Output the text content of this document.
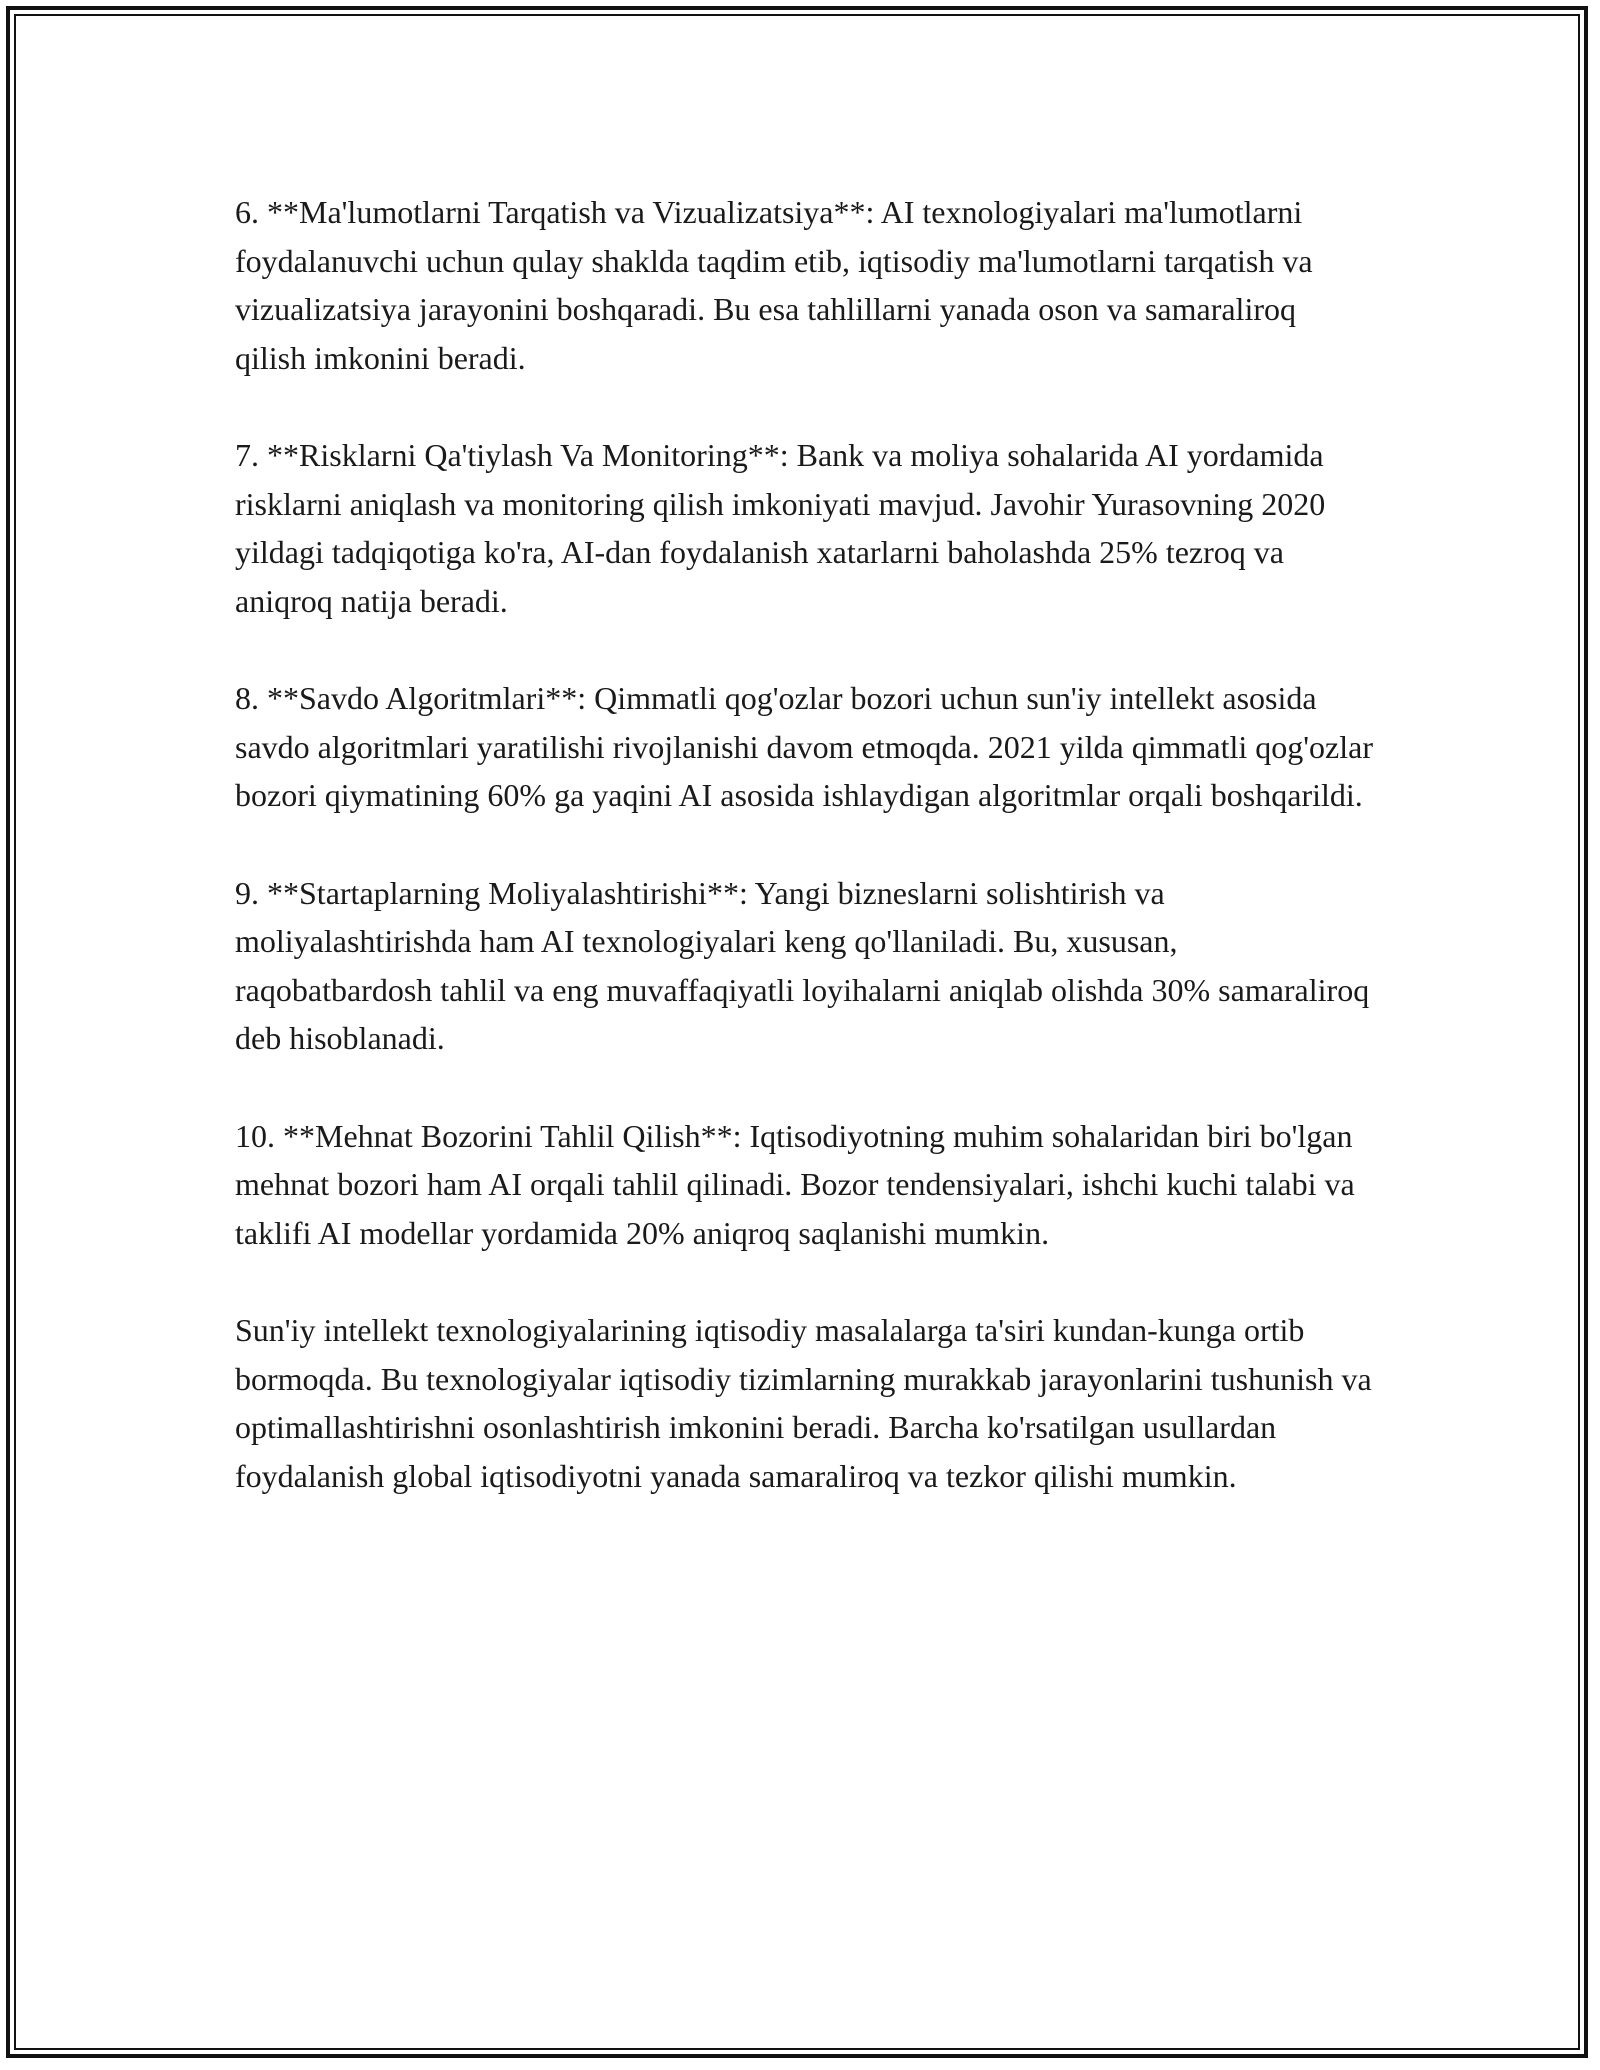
6. **Ma'lumotlarni Tarqatish va Vizualizatsiya**: AI texnologiyalari ma'lumotlarni foydalanuvchi uchun qulay shaklda taqdim etib, iqtisodiy ma'lumotlarni tarqatish va vizualizatsiya jarayonini boshqaradi. Bu esa tahlillarni yanada oson va samaraliroq qilish imkonini beradi.

7. **Risklarni Qa'tiylash Va Monitoring**: Bank va moliya sohalarida AI yordamida risklarni aniqlash va monitoring qilish imkoniyati mavjud. Javohir Yurasovning 2020 yildagi tadqiqotiga ko'ra, AI-dan foydalanish xatarlarni baholashda 25% tezroq va aniqroq natija beradi.

8. **Savdo Algoritmlari**: Qimmatli qog'ozlar bozori uchun sun'iy intellekt asosida savdo algoritmlari yaratilishi rivojlanishi davom etmoqda. 2021 yilda qimmatli qog'ozlar bozori qiymatining 60% ga yaqini AI asosida ishlaydigan algoritmlar orqali boshqarildi.

9. **Startaplarning Moliyalashtirishi**: Yangi bizneslarni solishtirish va moliyalashtirishda ham AI texnologiyalari keng qo'llaniladi. Bu, xususan, raqobatbardosh tahlil va eng muvaffaqiyatli loyihalarni aniqlab olishda 30% samaraliroq deb hisoblanadi.

10. **Mehnat Bozorini Tahlil Qilish**: Iqtisodiyotning muhim sohalaridan biri bo'lgan mehnat bozori ham AI orqali tahlil qilinadi. Bozor tendensiyalari, ishchi kuchi talabi va taklifi AI modellar yordamida 20% aniqroq saqlanishi mumkin.

Sun'iy intellekt texnologiyalarining iqtisodiy masalalarga ta'siri kundan-kunga ortib bormoqda. Bu texnologiyalar iqtisodiy tizimlarning murakkab jarayonlarini tushunish va optimallashtirishni osonlashtirish imkonini beradi. Barcha ko'rsatilgan usullardan foydalanish global iqtisodiyotni yanada samaraliroq va tezkor qilishi mumkin.
